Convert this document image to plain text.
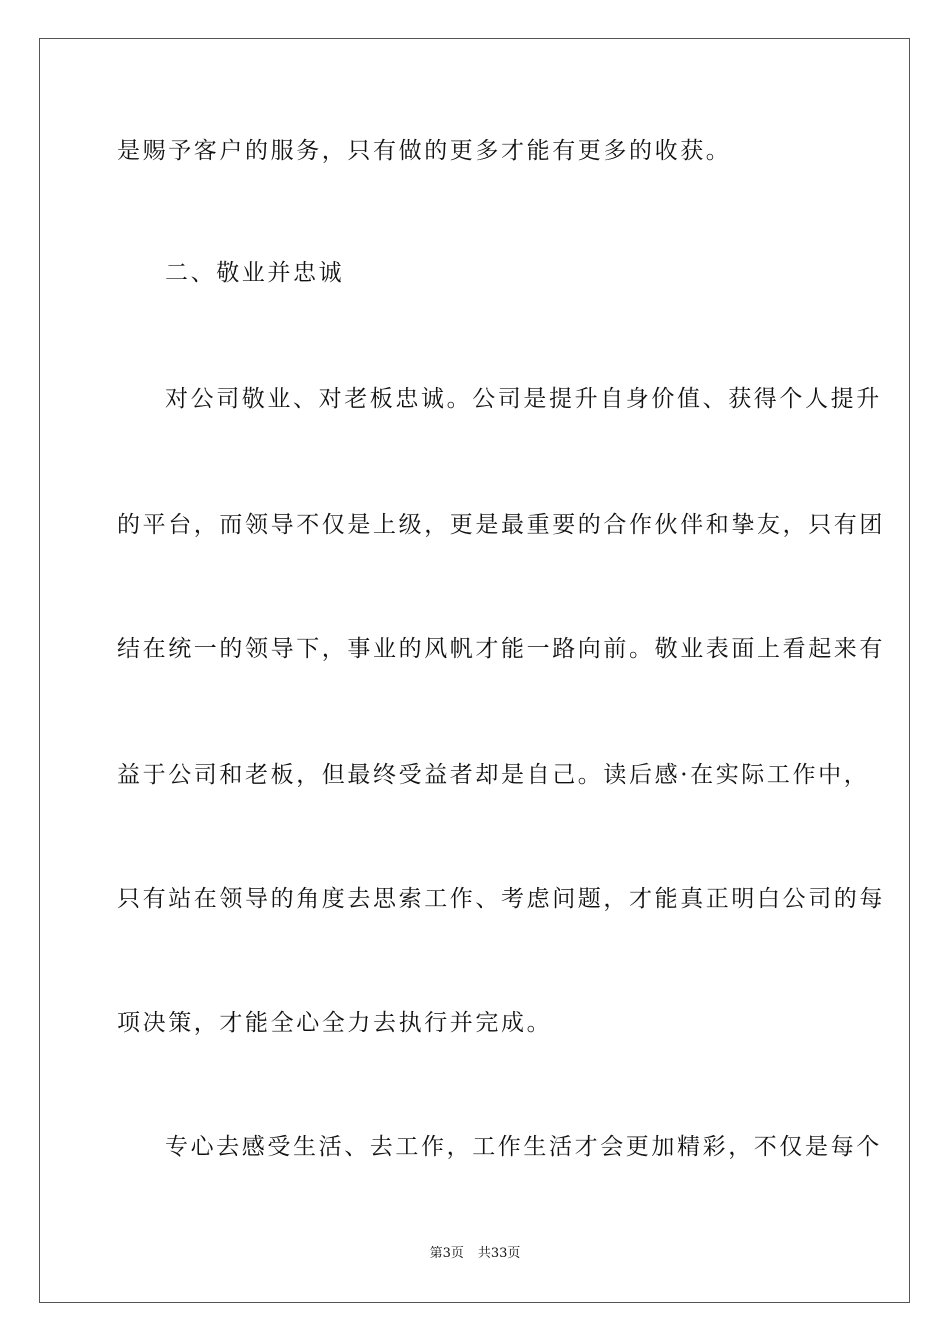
是赐予客户的服务，只有做的更多才能有更多的收获。
二、敬业并忠诚
对公司敬业、对老板忠诚。公司是提升自身价值、获得个人提升
的平台，而领导不仅是上级，更是最重要的合作伙伴和挚友，只有团
结在统一的领导下，事业的风帆才能一路向前。敬业表面上看起来有
益于公司和老板，但最终受益者却是自己。读后感·在实际工作中，
只有站在领导的角度去思索工作、考虑问题，才能真正明白公司的每
项决策，才能全心全力去执行并完成。
专心去感受生活、去工作，工作生活才会更加精彩，不仅是每个
第3页 共33页
